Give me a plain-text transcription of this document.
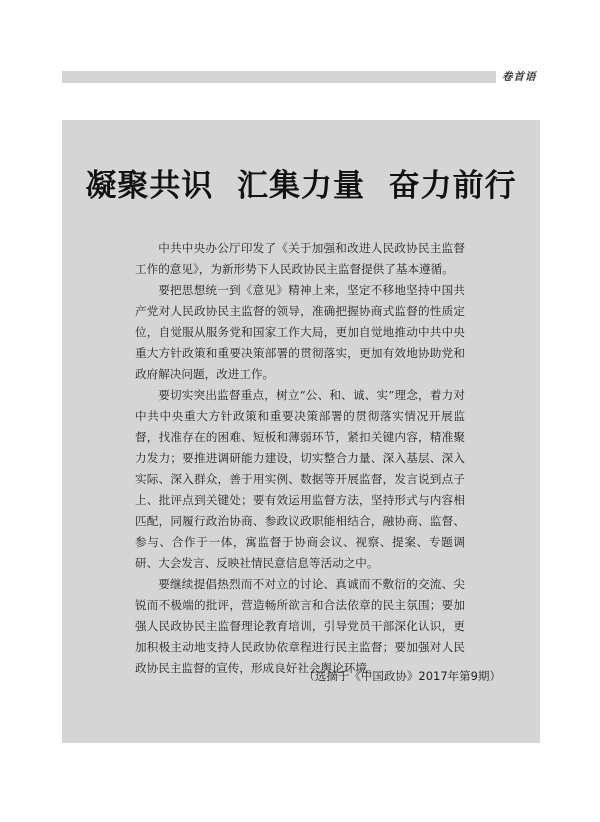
卷首语
凝聚共识  汇集力量  奋力前行

中共中央办公厅印发了《关于加强和改进人民政协民主监督工作的意见》，为新形势下人民政协民主监督提供了基本遵循。

要把思想统一到《意见》精神上来，坚定不移地坚持中国共产党对人民政协民主监督的领导，准确把握协商式监督的性质定位，自觉服从服务党和国家工作大局，更加自觉地推动中共中央重大方针政策和重要决策部署的贯彻落实，更加有效地协助党和政府解决问题，改进工作。

要切实突出监督重点，树立“公、和、诚、实”理念，着力对中共中央重大方针政策和重要决策部署的贯彻落实情况开展监督，找准存在的困难、短板和薄弱环节，紧扣关键内容，精准聚力发力；要推进调研能力建设，切实整合力量、深入基层、深入实际、深入群众，善于用实例、数据等开展监督，发言说到点子上、批评点到关键处；要有效运用监督方法，坚持形式与内容相匹配，同履行政治协商、参政议政职能相结合，融协商、监督、参与、合作于一体，寓监督于协商会议、视察、提案、专题调研、大会发言、反映社情民意信息等活动之中。

要继续提倡热烈而不对立的讨论、真诚而不敷衍的交流、尖锐而不极端的批评，营造畅所欲言和合法依章的民主氛围；要加强人民政协民主监督理论教育培训，引导党员干部深化认识，更加积极主动地支持人民政协依章程进行民主监督；要加强对人民政协民主监督的宣传，形成良好社会舆论环境。

（选摘于《中国政协》2017年第9期）
